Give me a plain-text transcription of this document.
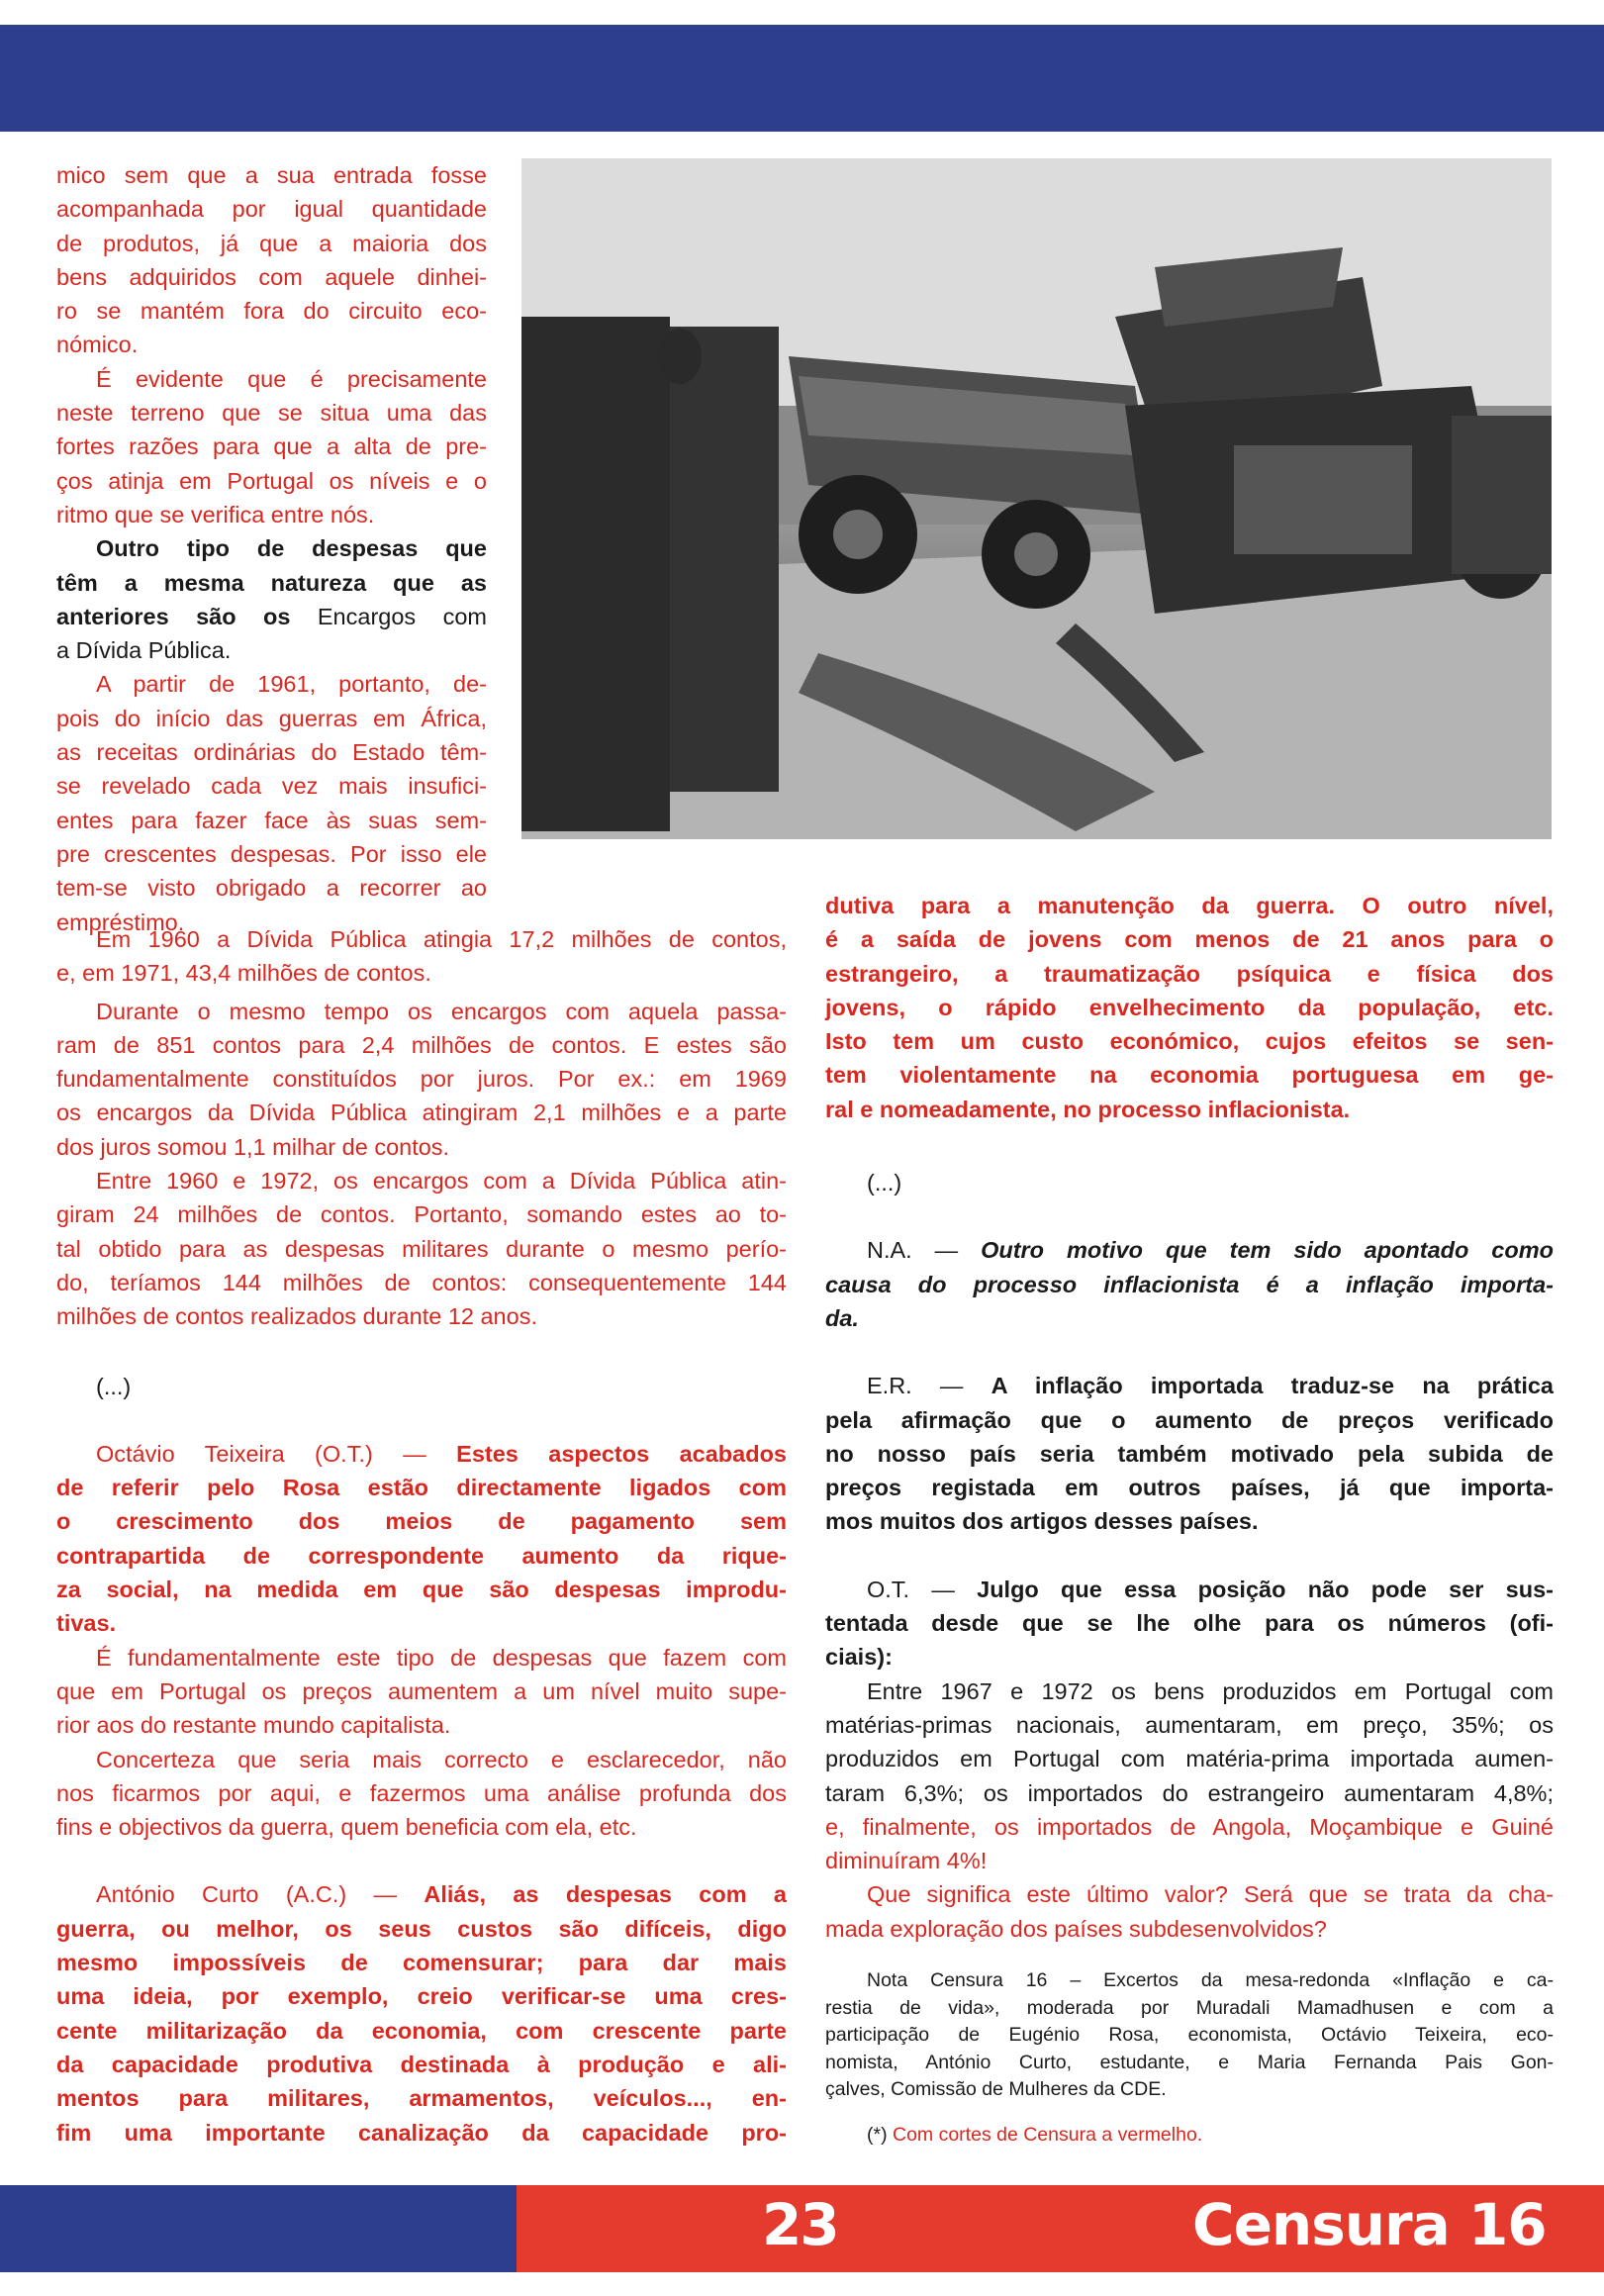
mico sem que a sua entrada fosse
acompanhada por igual quantidade
de produtos, já que a maioria dos
bens adquiridos com aquele dinhei-
ro se mantém fora do circuito eco-
nómico.
É evidente que é precisamente
neste terreno que se situa uma das
fortes razões para que a alta de pre-
ços atinja em Portugal os níveis e o
ritmo que se verifica entre nós.
Outro tipo de despesas que
têm a mesma natureza que as
anteriores são os Encargos com
a Dívida Pública.
A partir de 1961, portanto, de-
pois do início das guerras em África,
as receitas ordinárias do Estado têm-
se revelado cada vez mais insufici-
entes para fazer face às suas sem-
pre crescentes despesas. Por isso ele
tem-se visto obrigado a recorrer ao
empréstimo.
Em 1960 a Dívida Pública atingia 17,2 milhões de contos,
e, em 1971, 43,4 milhões de contos.
Durante o mesmo tempo os encargos com aquela passa-
ram de 851 contos para 2,4 milhões de contos. E estes são
fundamentalmente constituídos por juros. Por ex.: em 1969
os encargos da Dívida Pública atingiram 2,1 milhões e a parte
dos juros somou 1,1 milhar de contos.
Entre 1960 e 1972, os encargos com a Dívida Pública atin-
giram 24 milhões de contos. Portanto, somando estes ao to-
tal obtido para as despesas militares durante o mesmo perío-
do, teríamos 144 milhões de contos: consequentemente 144
milhões de contos realizados durante 12 anos.
(...)
Octávio Teixeira (O.T.) — Estes aspectos acabados
de referir pelo Rosa estão directamente ligados com
o crescimento dos meios de pagamento sem
contrapartida de correspondente aumento da rique-
za social, na medida em que são despesas improdu-
tivas.
É fundamentalmente este tipo de despesas que fazem com
que em Portugal os preços aumentem a um nível muito supe-
rior aos do restante mundo capitalista.
Concerteza que seria mais correcto e esclarecedor, não
nos ficarmos por aqui, e fazermos uma análise profunda dos
fins e objectivos da guerra, quem beneficia com ela, etc.
António Curto (A.C.) — Aliás, as despesas com a
guerra, ou melhor, os seus custos são difíceis, digo
mesmo impossíveis de comensurar; para dar mais
uma ideia, por exemplo, creio verificar-se uma cres-
cente militarização da economia, com crescente parte
da capacidade produtiva destinada à produção e ali-
mentos para militares, armamentos, veículos..., en-
fim uma importante canalização da capacidade pro-
dutiva para a manutenção da guerra. O outro nível,
é a saída de jovens com menos de 21 anos para o
estrangeiro, a traumatização psíquica e física dos
jovens, o rápido envelhecimento da população, etc.
Isto tem um custo económico, cujos efeitos se sen-
tem violentamente na economia portuguesa em ge-
ral e nomeadamente, no processo inflacionista.
(...)
N.A. — Outro motivo que tem sido apontado como
causa do processo inflacionista é a inflação importa-
da.
E.R. — A inflação importada traduz-se na prática
pela afirmação que o aumento de preços verificado
no nosso país seria também motivado pela subida de
preços registada em outros países, já que importa-
mos muitos dos artigos desses países.
O.T. — Julgo que essa posição não pode ser sus-
tentada desde que se lhe olhe para os números (ofi-
ciais):
Entre 1967 e 1972 os bens produzidos em Portugal com
matérias-primas nacionais, aumentaram, em preço, 35%; os
produzidos em Portugal com matéria-prima importada aumen-
taram 6,3%; os importados do estrangeiro aumentaram 4,8%;
e, finalmente, os importados de Angola, Moçambique e Guiné
diminuíram 4%!
Que significa este último valor? Será que se trata da cha-
mada exploração dos países subdesenvolvidos?
Nota Censura 16 – Excertos da mesa-redonda «Inflação e ca-
restia de vida», moderada por Muradali Mamadhusen e com a
participação de Eugénio Rosa, economista, Octávio Teixeira, eco-
nomista, António Curto, estudante, e Maria Fernanda Pais Gon-
çalves, Comissão de Mulheres da CDE.
(*) Com cortes de Censura a vermelho.
23	Censura 16
